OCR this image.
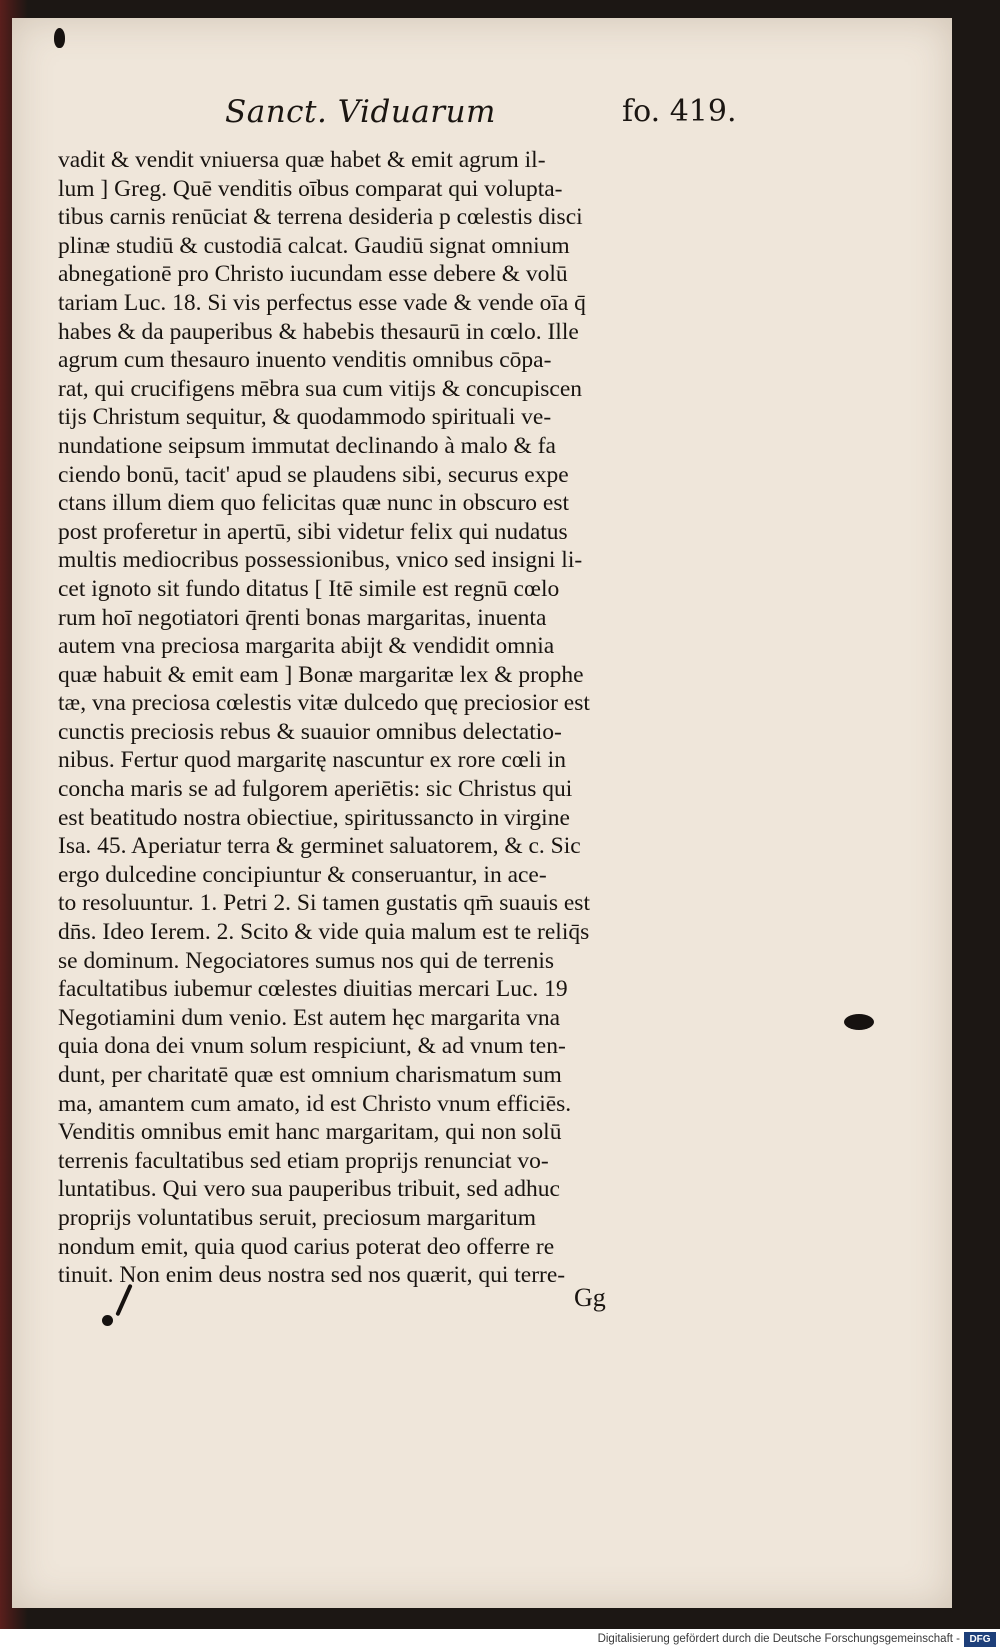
Sanct. Viduarum	fo. 419.
vadit & vendit vniuersa quæ habet & emit agrum il-
lum ] Greg. Quē venditis oībus comparat qui volupta-
tibus carnis renūciat & terrena desideria p cœlestis disci
plinæ studiū & custodiā calcat. Gaudiū signat omnium
abnegationē pro Christo iucundam esse debere & volū
tariam Luc. 18. Si vis perfectus esse vade & vende oīa q̄
habes & da pauperibus & habebis thesaurū in cœlo. Ille
agrum cum thesauro inuento venditis omnibus cōpa-
rat, qui crucifigens mēbra sua cum vitijs & concupiscen
tijs Christum sequitur, & quodammodo spirituali ve-
nundatione seipsum immutat declinando à malo & fa
ciendo bonū, tacit' apud se plaudens sibi, securus expe
ctans illum diem quo felicitas quæ nunc in obscuro est
post proferetur in apertū, sibi videtur felix qui nudatus
multis mediocribus possessionibus, vnico sed insigni li-
cet ignoto sit fundo ditatus [ Itē simile est regnū cœlo
rum hoī negotiatori q̄renti bonas margaritas, inuenta
autem vna preciosa margarita abijt & vendidit omnia
quæ habuit & emit eam ] Bonæ margaritæ lex & prophe
tæ, vna preciosa cœlestis vitæ dulcedo quę preciosior est
cunctis preciosis rebus & suauior omnibus delectatio-
nibus. Fertur quod margaritę nascuntur ex rore cœli in
concha maris se ad fulgorem aperiētis: sic Christus qui
est beatitudo nostra obiectiue, spiritussancto in virgine
Isa. 45. Aperiatur terra & germinet saluatorem, & c. Sic
ergo dulcedine concipiuntur & conseruantur, in ace-
to resoluuntur. 1. Petri 2. Si tamen gustatis qm̄ suauis est
dn̄s. Ideo Ierem. 2. Scito & vide quia malum est te reliq̄s
se dominum. Negociatores sumus nos qui de terrenis
facultatibus iubemur cœlestes diuitias mercari Luc. 19
Negotiamini dum venio. Est autem hęc margarita vna
quia dona dei vnum solum respiciunt, & ad vnum ten-
dunt, per charitatē quæ est omnium charismatum sum
ma, amantem cum amato, id est Christo vnum efficiēs.
Venditis omnibus emit hanc margaritam, qui non solū
terrenis facultatibus sed etiam proprijs renunciat vo-
luntatibus. Qui vero sua pauperibus tribuit, sed adhuc
proprijs voluntatibus seruit, preciosum margaritum
nondum emit, quia quod carius poterat deo offerre re
tinuit. Non enim deus nostra sed nos quærit, qui terre-
Gg
Digitalisierung gefördert durch die Deutsche Forschungsgemeinschaft - DFG
